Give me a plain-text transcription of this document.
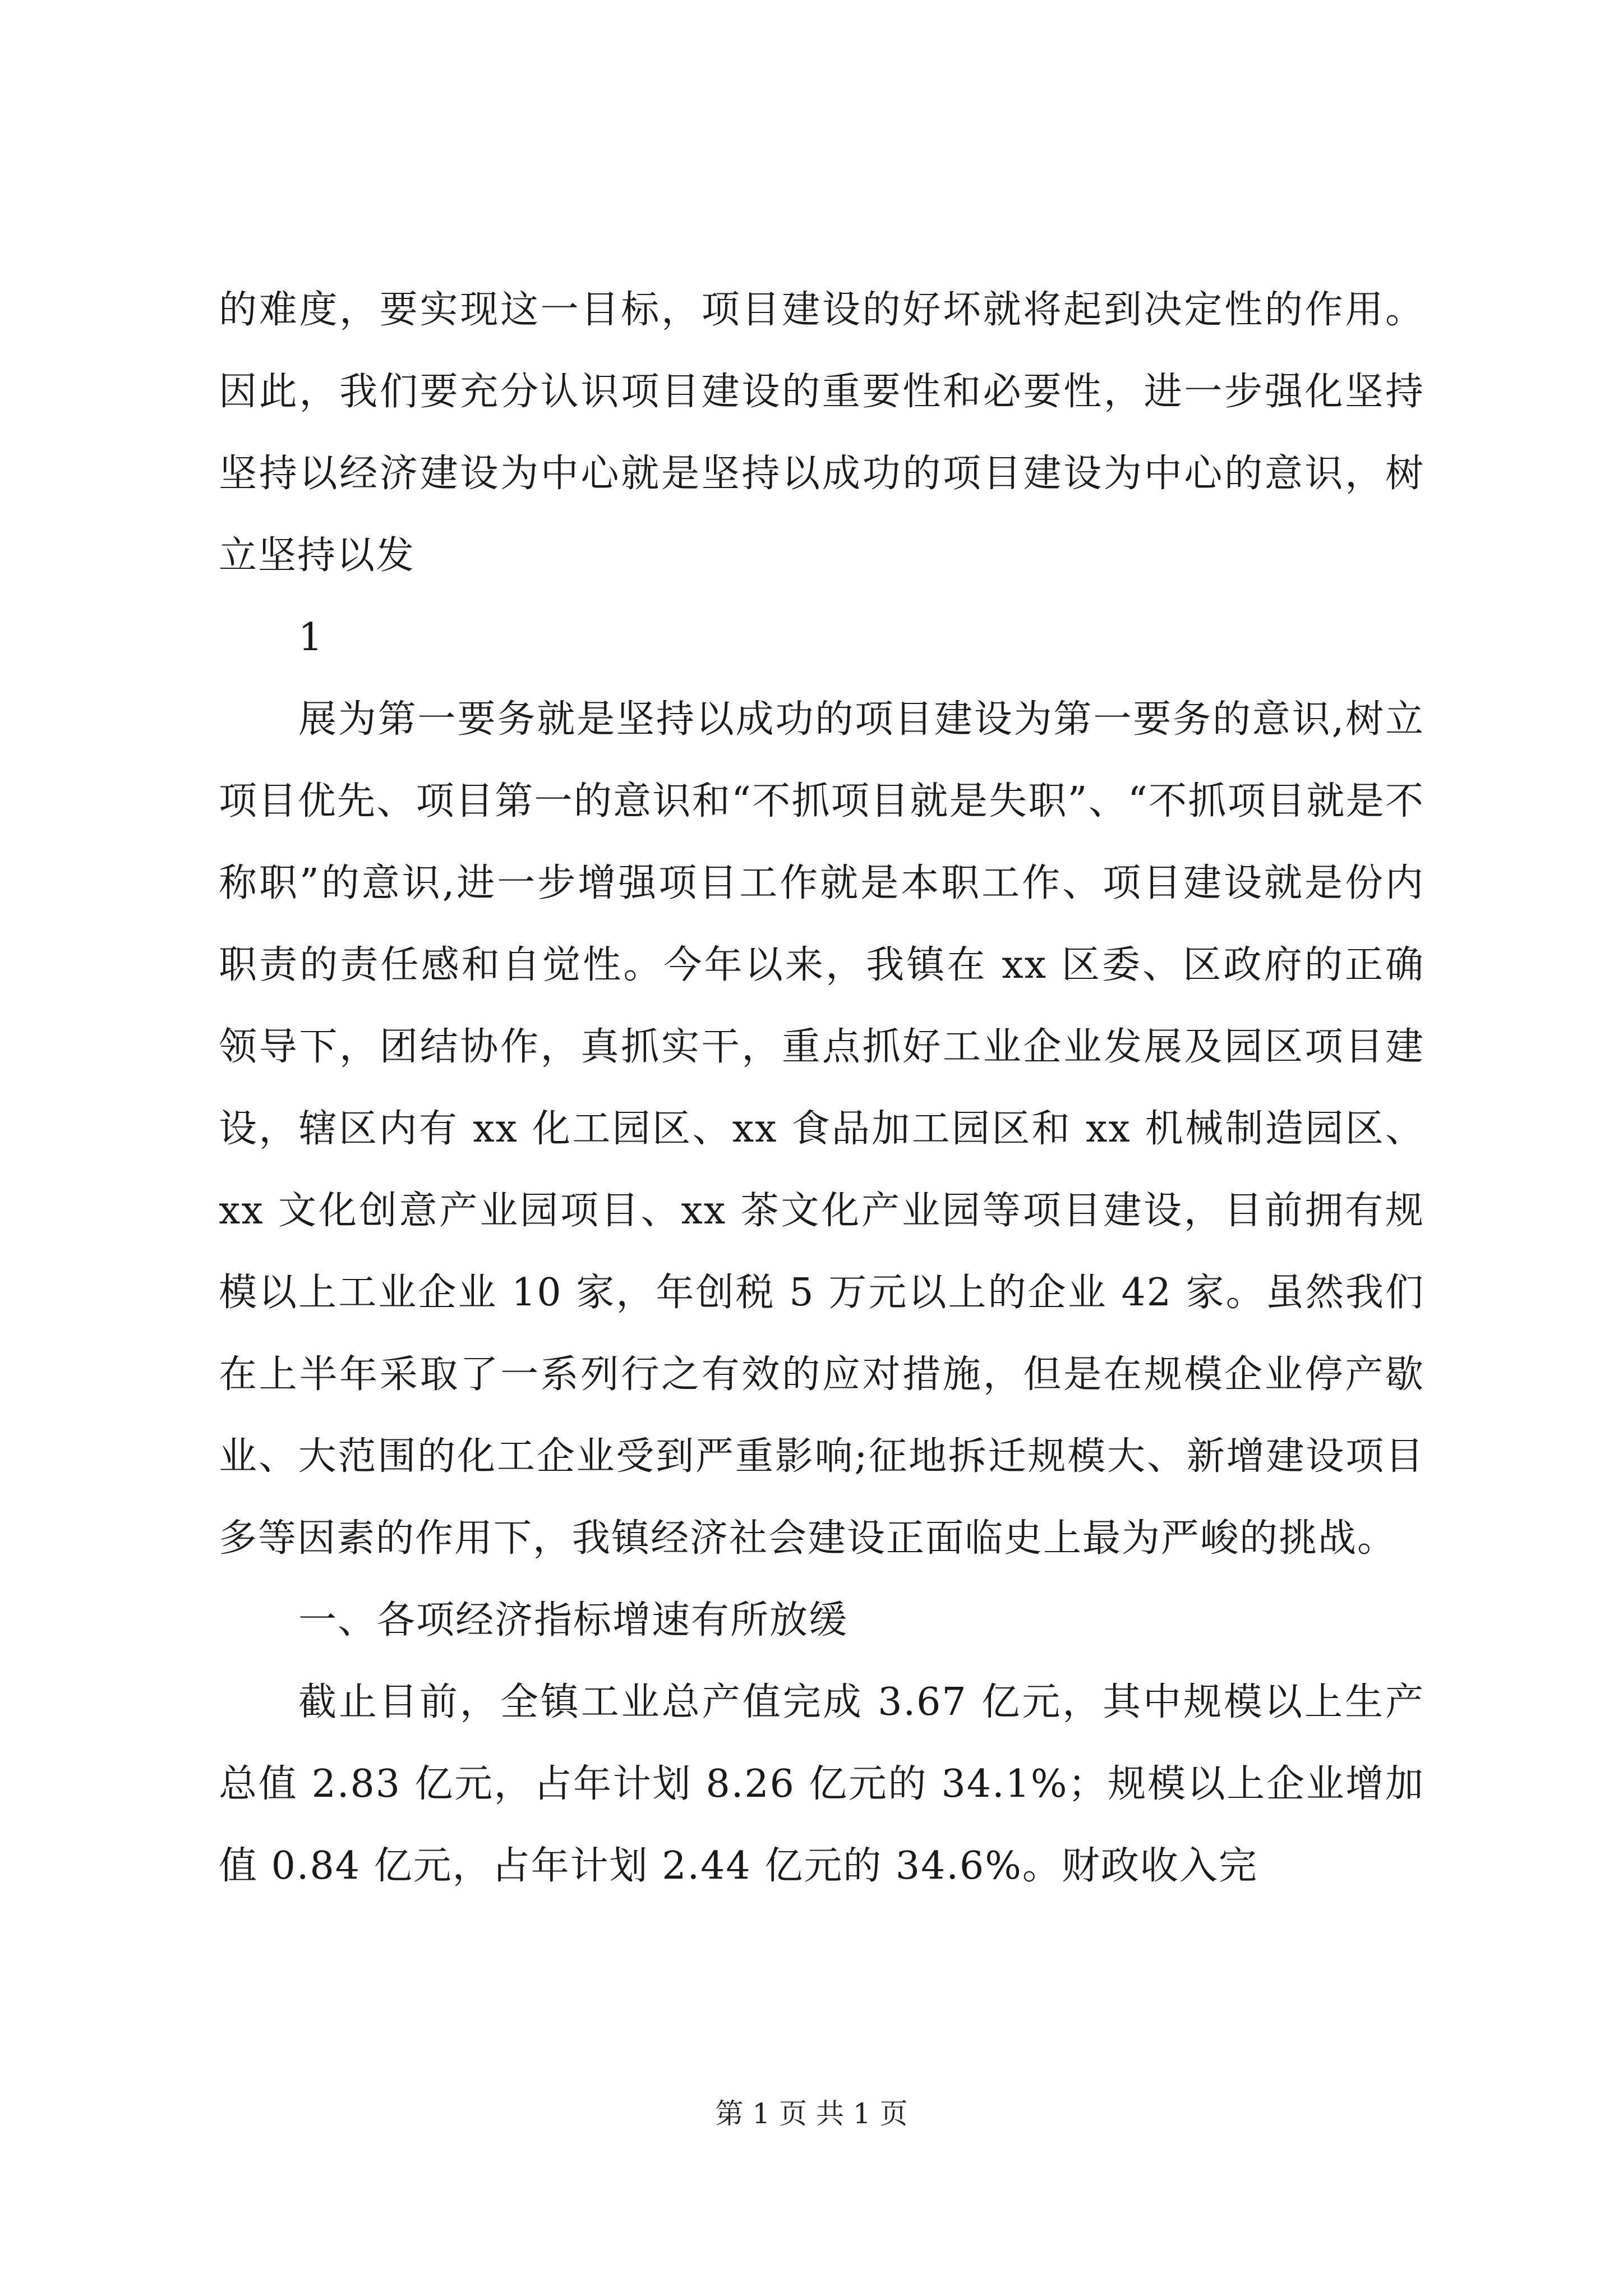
的难度，要实现这一目标，项目建设的好坏就将起到决定性的作用。因此，我们要充分认识项目建设的重要性和必要性，进一步强化坚持坚持以经济建设为中心就是坚持以成功的项目建设为中心的意识，树立坚持以发

1

展为第一要务就是坚持以成功的项目建设为第一要务的意识,树立项目优先、项目第一的意识和“不抓项目就是失职”、“不抓项目就是不称职”的意识,进一步增强项目工作就是本职工作、项目建设就是份内职责的责任感和自觉性。今年以来，我镇在 xx 区委、区政府的正确领导下，团结协作，真抓实干，重点抓好工业企业发展及园区项目建设，辖区内有 xx 化工园区、xx 食品加工园区和 xx 机械制造园区、xx 文化创意产业园项目、xx 茶文化产业园等项目建设，目前拥有规模以上工业企业 10 家，年创税 5 万元以上的企业 42 家。虽然我们在上半年采取了一系列行之有效的应对措施，但是在规模企业停产歇业、大范围的化工企业受到严重影响;征地拆迁规模大、新增建设项目多等因素的作用下，我镇经济社会建设正面临史上最为严峻的挑战。

一、各项经济指标增速有所放缓

截止目前，全镇工业总产值完成 3.67 亿元，其中规模以上生产总值 2.83 亿元，占年计划 8.26 亿元的 34.1%；规模以上企业增加值 0.84 亿元，占年计划 2.44 亿元的 34.6%。财政收入完

第 1 页 共 1 页
